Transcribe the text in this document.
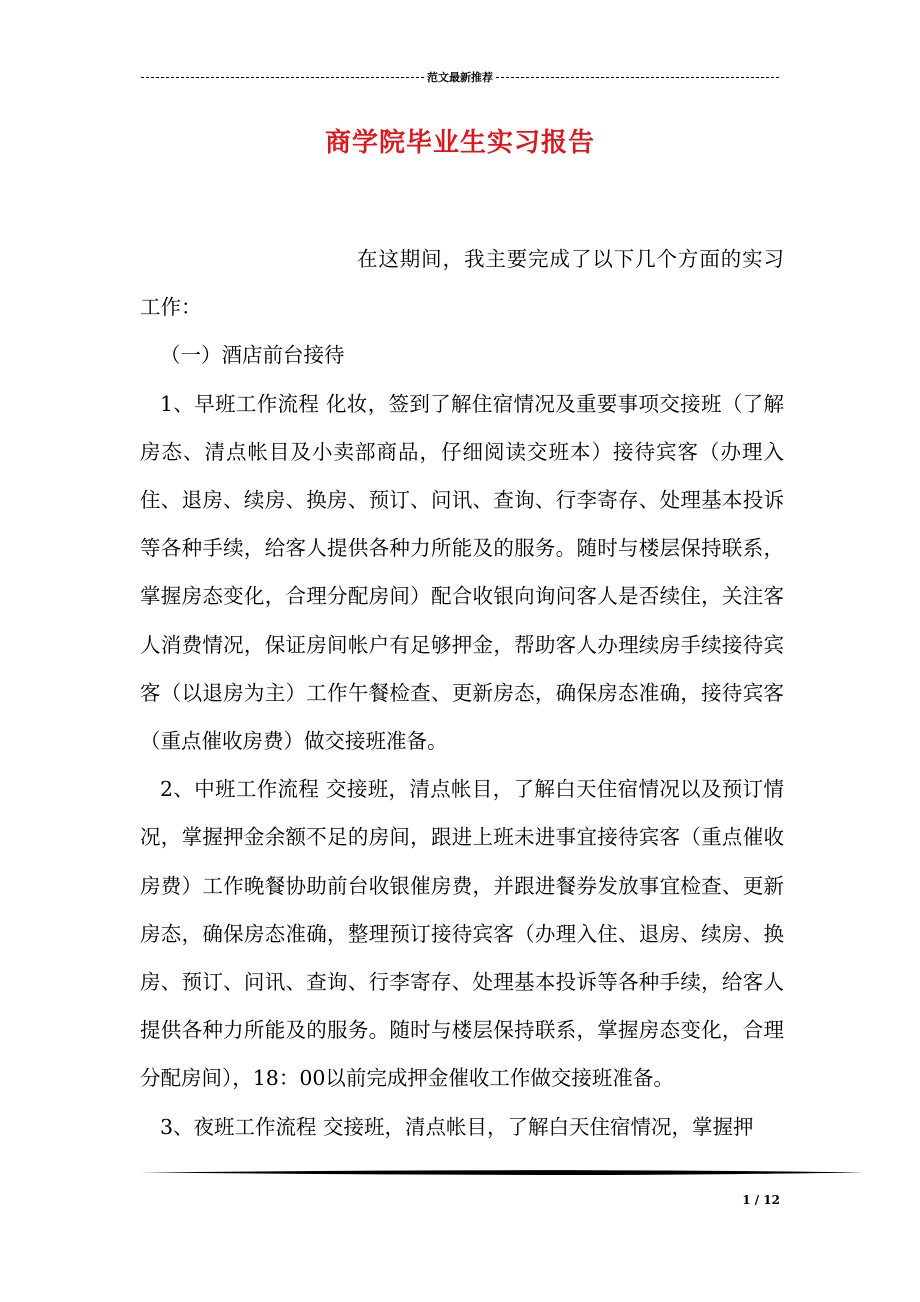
范文最新推荐
商学院毕业生实习报告

在这期间，我主要完成了以下几个方面的实习工作：

（一）酒店前台接待

1、早班工作流程 化妆，签到了解住宿情况及重要事项交接班（了解房态、清点帐目及小卖部商品，仔细阅读交班本）接待宾客（办理入住、退房、续房、换房、预订、问讯、查询、行李寄存、处理基本投诉等各种手续，给客人提供各种力所能及的服务。随时与楼层保持联系，掌握房态变化，合理分配房间）配合收银向询问客人是否续住，关注客人消费情况，保证房间帐户有足够押金，帮助客人办理续房手续接待宾客（以退房为主）工作午餐检查、更新房态，确保房态准确，接待宾客（重点催收房费）做交接班准备。

2、中班工作流程 交接班，清点帐目，了解白天住宿情况以及预订情况，掌握押金余额不足的房间，跟进上班未进事宜接待宾客（重点催收房费）工作晚餐协助前台收银催房费，并跟进餐券发放事宜检查、更新房态，确保房态准确，整理预订接待宾客（办理入住、退房、续房、换房、预订、问讯、查询、行李寄存、处理基本投诉等各种手续，给客人提供各种力所能及的服务。随时与楼层保持联系，掌握房态变化，合理分配房间），18：00以前完成押金催收工作做交接班准备。

3、夜班工作流程 交接班，清点帐目，了解白天住宿情况，掌握押

1 / 12
